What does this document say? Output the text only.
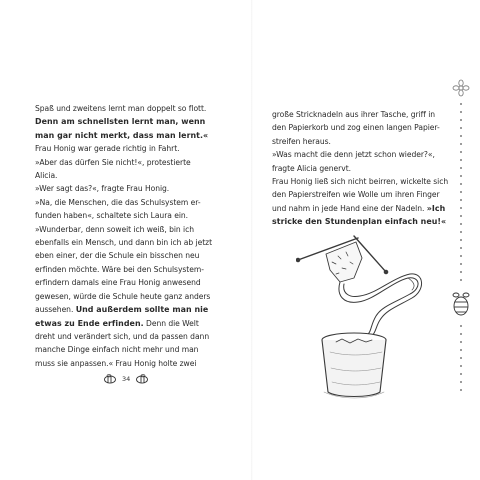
Spaß und zweitens lernt man doppelt so flott.
Denn am schnellsten lernt man, wenn
man gar nicht merkt, dass man lernt.«
Frau Honig war gerade richtig in Fahrt.
»Aber das dürfen Sie nicht!«, protestierte
Alicia.
»Wer sagt das?«, fragte Frau Honig.
»Na, die Menschen, die das Schulsystem er-
funden haben«, schaltete sich Laura ein.
»Wunderbar, denn soweit ich weiß, bin ich
ebenfalls ein Mensch, und dann bin ich ab jetzt
eben einer, der die Schule ein bisschen neu
erfinden möchte. Wäre bei den Schulsystem-
erfindern damals eine Frau Honig anwesend
gewesen, würde die Schule heute ganz anders
aussehen. Und außerdem sollte man nie
etwas zu Ende erfinden. Denn die Welt
dreht und verändert sich, und da passen dann
manche Dinge einfach nicht mehr und man
muss sie anpassen.« Frau Honig holte zwei
34
große Stricknadeln aus ihrer Tasche, griff in
den Papierkorb und zog einen langen Papier-
streifen heraus.
»Was macht die denn jetzt schon wieder?«,
fragte Alicia genervt.
Frau Honig ließ sich nicht beirren, wickelte sich
den Papierstreifen wie Wolle um ihren Finger
und nahm in jede Hand eine der Nadeln. »Ich
stricke den Stundenplan einfach neu!«
